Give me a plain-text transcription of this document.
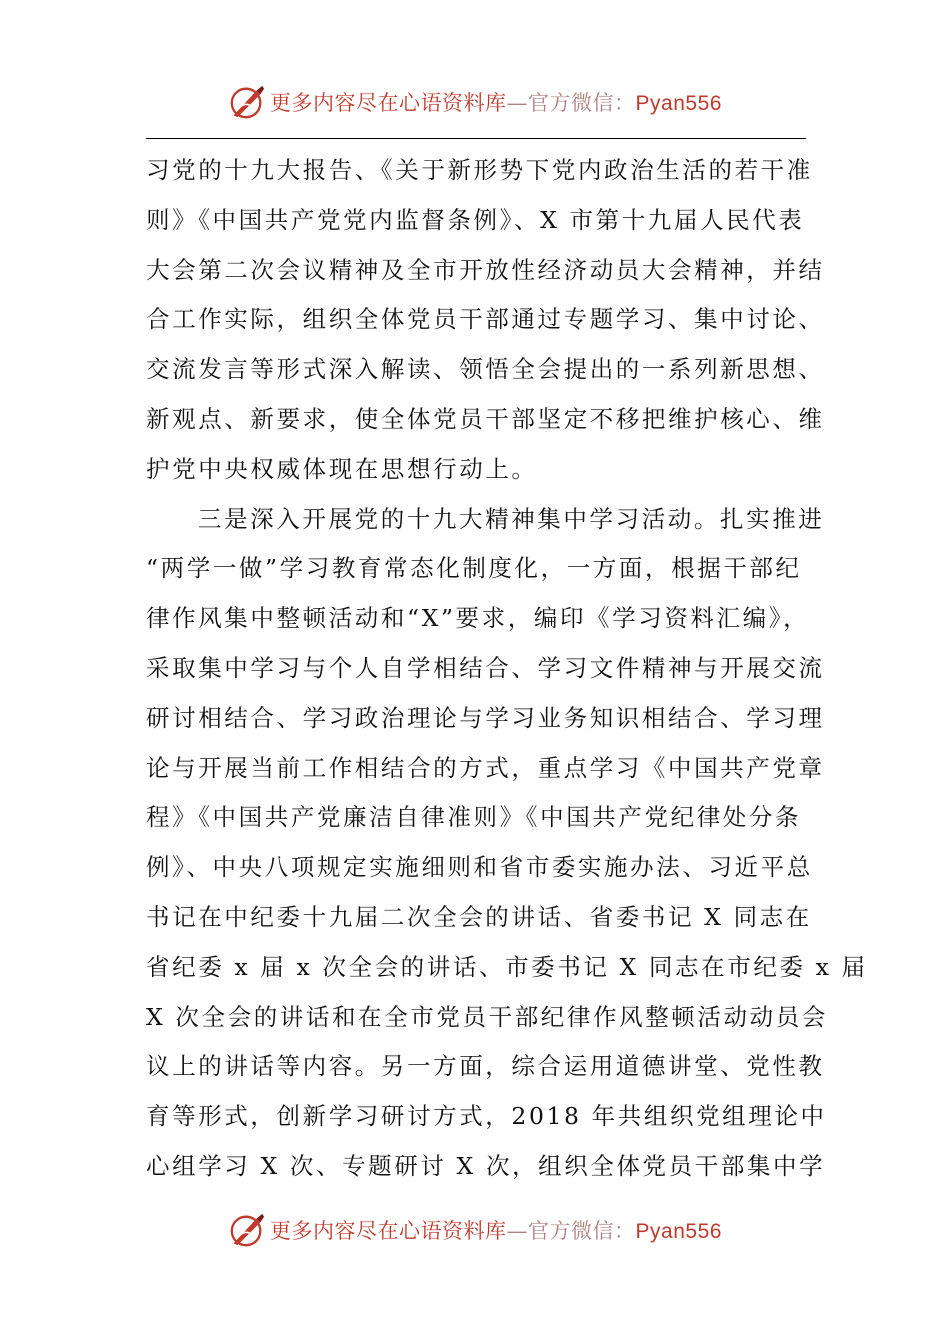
更多内容尽在心语资料库—官方微信：Pyan556
习党的十九大报告、《关于新形势下党内政治生活的若干准
则》《中国共产党党内监督条例》、X 市第十九届人民代表
大会第二次会议精神及全市开放性经济动员大会精神，并结
合工作实际，组织全体党员干部通过专题学习、集中讨论、
交流发言等形式深入解读、领悟全会提出的一系列新思想、
新观点、新要求，使全体党员干部坚定不移把维护核心、维
护党中央权威体现在思想行动上。
三是深入开展党的十九大精神集中学习活动。扎实推进
“两学一做”学习教育常态化制度化，一方面，根据干部纪
律作风集中整顿活动和“X”要求，编印《学习资料汇编》，
采取集中学习与个人自学相结合、学习文件精神与开展交流
研讨相结合、学习政治理论与学习业务知识相结合、学习理
论与开展当前工作相结合的方式，重点学习《中国共产党章
程》《中国共产党廉洁自律准则》《中国共产党纪律处分条
例》、中央八项规定实施细则和省市委实施办法、习近平总
书记在中纪委十九届二次全会的讲话、省委书记 X 同志在
省纪委 x 届 x 次全会的讲话、市委书记 X 同志在市纪委 x 届
X 次全会的讲话和在全市党员干部纪律作风整顿活动动员会
议上的讲话等内容。另一方面，综合运用道德讲堂、党性教
育等形式，创新学习研讨方式，2018 年共组织党组理论中
心组学习 X 次、专题研讨 X 次，组织全体党员干部集中学
更多内容尽在心语资料库—官方微信：Pyan556
